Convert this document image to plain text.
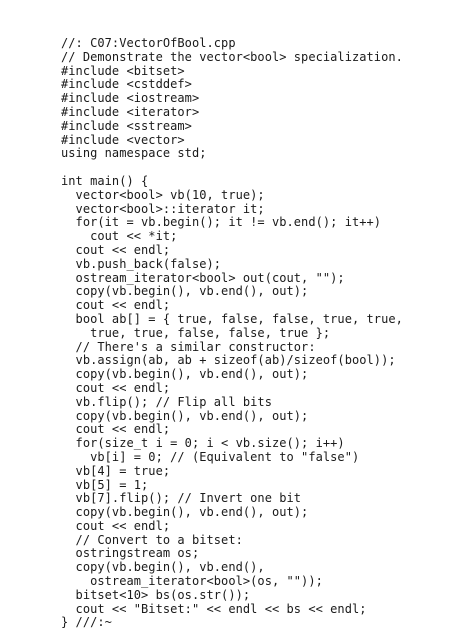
//: C07:VectorOfBool.cpp
// Demonstrate the vector<bool> specialization.
#include <bitset>
#include <cstddef>
#include <iostream>
#include <iterator>
#include <sstream>
#include <vector>
using namespace std;

int main() {
vector<bool> vb(10, true);
vector<bool>::iterator it;
for(it = vb.begin(); it != vb.end(); it++)
cout << *it;
cout << endl;
vb.push_back(false);
ostream_iterator<bool> out(cout, "");
copy(vb.begin(), vb.end(), out);
cout << endl;
bool ab[] = { true, false, false, true, true,
true, true, false, false, true };
// There's a similar constructor:
vb.assign(ab, ab + sizeof(ab)/sizeof(bool));
copy(vb.begin(), vb.end(), out);
cout << endl;
vb.flip(); // Flip all bits
copy(vb.begin(), vb.end(), out);
cout << endl;
for(size_t i = 0; i < vb.size(); i++)
vb[i] = 0; // (Equivalent to "false")
vb[4] = true;
vb[5] = 1;
vb[7].flip(); // Invert one bit
copy(vb.begin(), vb.end(), out);
cout << endl;
// Convert to a bitset:
ostringstream os;
copy(vb.begin(), vb.end(),
ostream_iterator<bool>(os, ""));
bitset<10> bs(os.str());
cout << "Bitset:" << endl << bs << endl;
} ///:~
